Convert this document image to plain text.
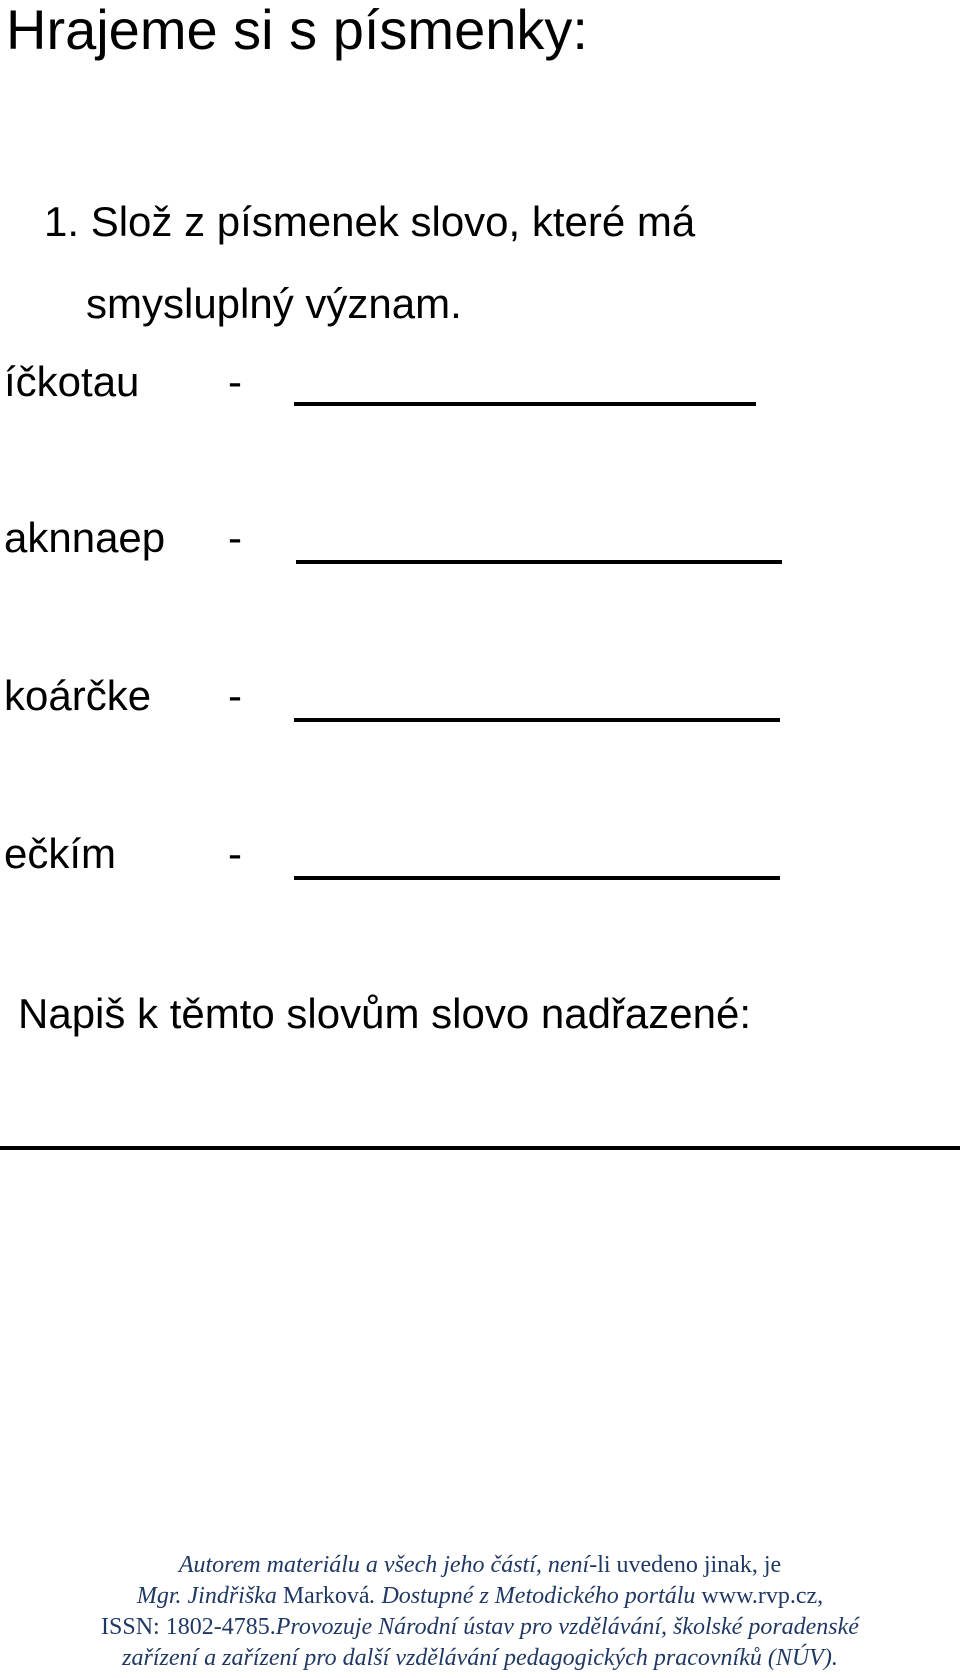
Hrajeme si s písmenky:
1. Slož z písmenek slovo, které má
smysluplný význam.
íčkotau -
aknnaep -
koárčke -
ečkím	-
Napiš k těmto slovům slovo nadřazené:
Autorem materiálu a všech jeho částí, není-li uvedeno jinak, je
Mgr. Jindřiška Marková. Dostupné z Metodického portálu www.rvp.cz,
ISSN: 1802-4785.Provozuje Národní ústav pro vzdělávání, školské poradenské
zařízení a zařízení pro další vzdělávání pedagogických pracovníků (NÚV).
